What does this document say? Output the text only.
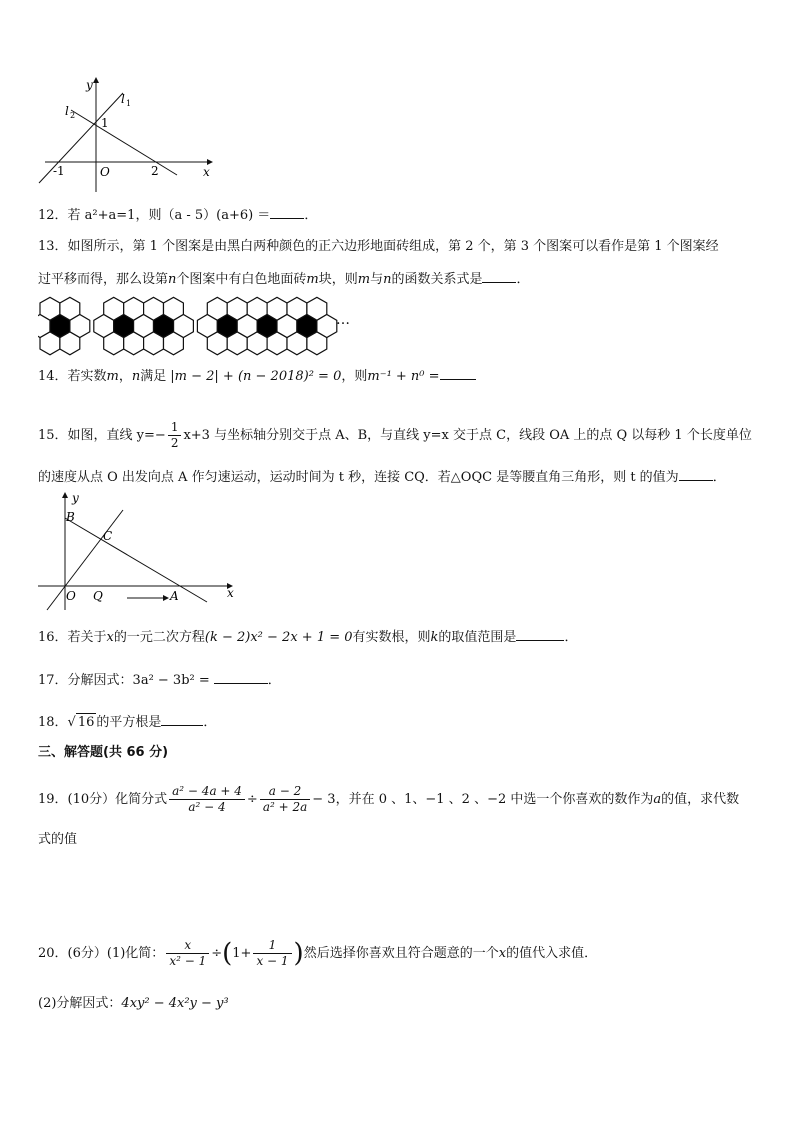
y
x
l 1
l 2
1
-1	O	2
12．若 a²+a=1，则（a - 5）(a+6) ＝	．
13．如图所示，第 1 个图案是由黑白两种颜色的正六边形地面砖组成，第 2 个，第 3 个图案可以看作是第 1 个图案经
过平移而得，那么设第n个图案中有白色地面砖m块，则m与n的函数关系式是	．
…
14．若实数m，n满足 |m − 2| + (n − 2018)² = 0，则m⁻¹ + n⁰ =
15．如图，直线 $y=- \frac{1}{2} x+3$ 与坐标轴分别交于点 A、B，与直线 y=x 交于点 C，线段 OA 上的点 Q 以每秒 1 个长度单位
的速度从点 O 出发向点 A 作匀速运动，运动时间为 t 秒，连接 CQ．若△OQC 是等腰直角三角形，则 t 的值为	．
y
x
B
C
O Q	A
16．若关于x的一元二次方程(k − 2)x² − 2x + 1 = 0有实数根，则k的取值范围是	．
17．分解因式：3a² − 3b² =	．
18．√ 16 的平方根是	．
三、解答题(共 66 分)
19．(10分）化简分式 $\frac{\text{a² − 4a + 4}}{\text{a² − 4}} \div \frac{a - 2}{\text{a² + 2a}} - 3$，并在 0 、1、−1 、2 、−2 中选一个你喜欢的数作为a的值，求代数
式的值
20．(6分）(1)化简： $\frac{x}{\text{x² − 1}} \div(1+ \frac{1}{x - 1}$ )然后选择你喜欢且符合题意的一个x的值代入求值．
(2)分解因式：4xy² − 4x²y − y³
